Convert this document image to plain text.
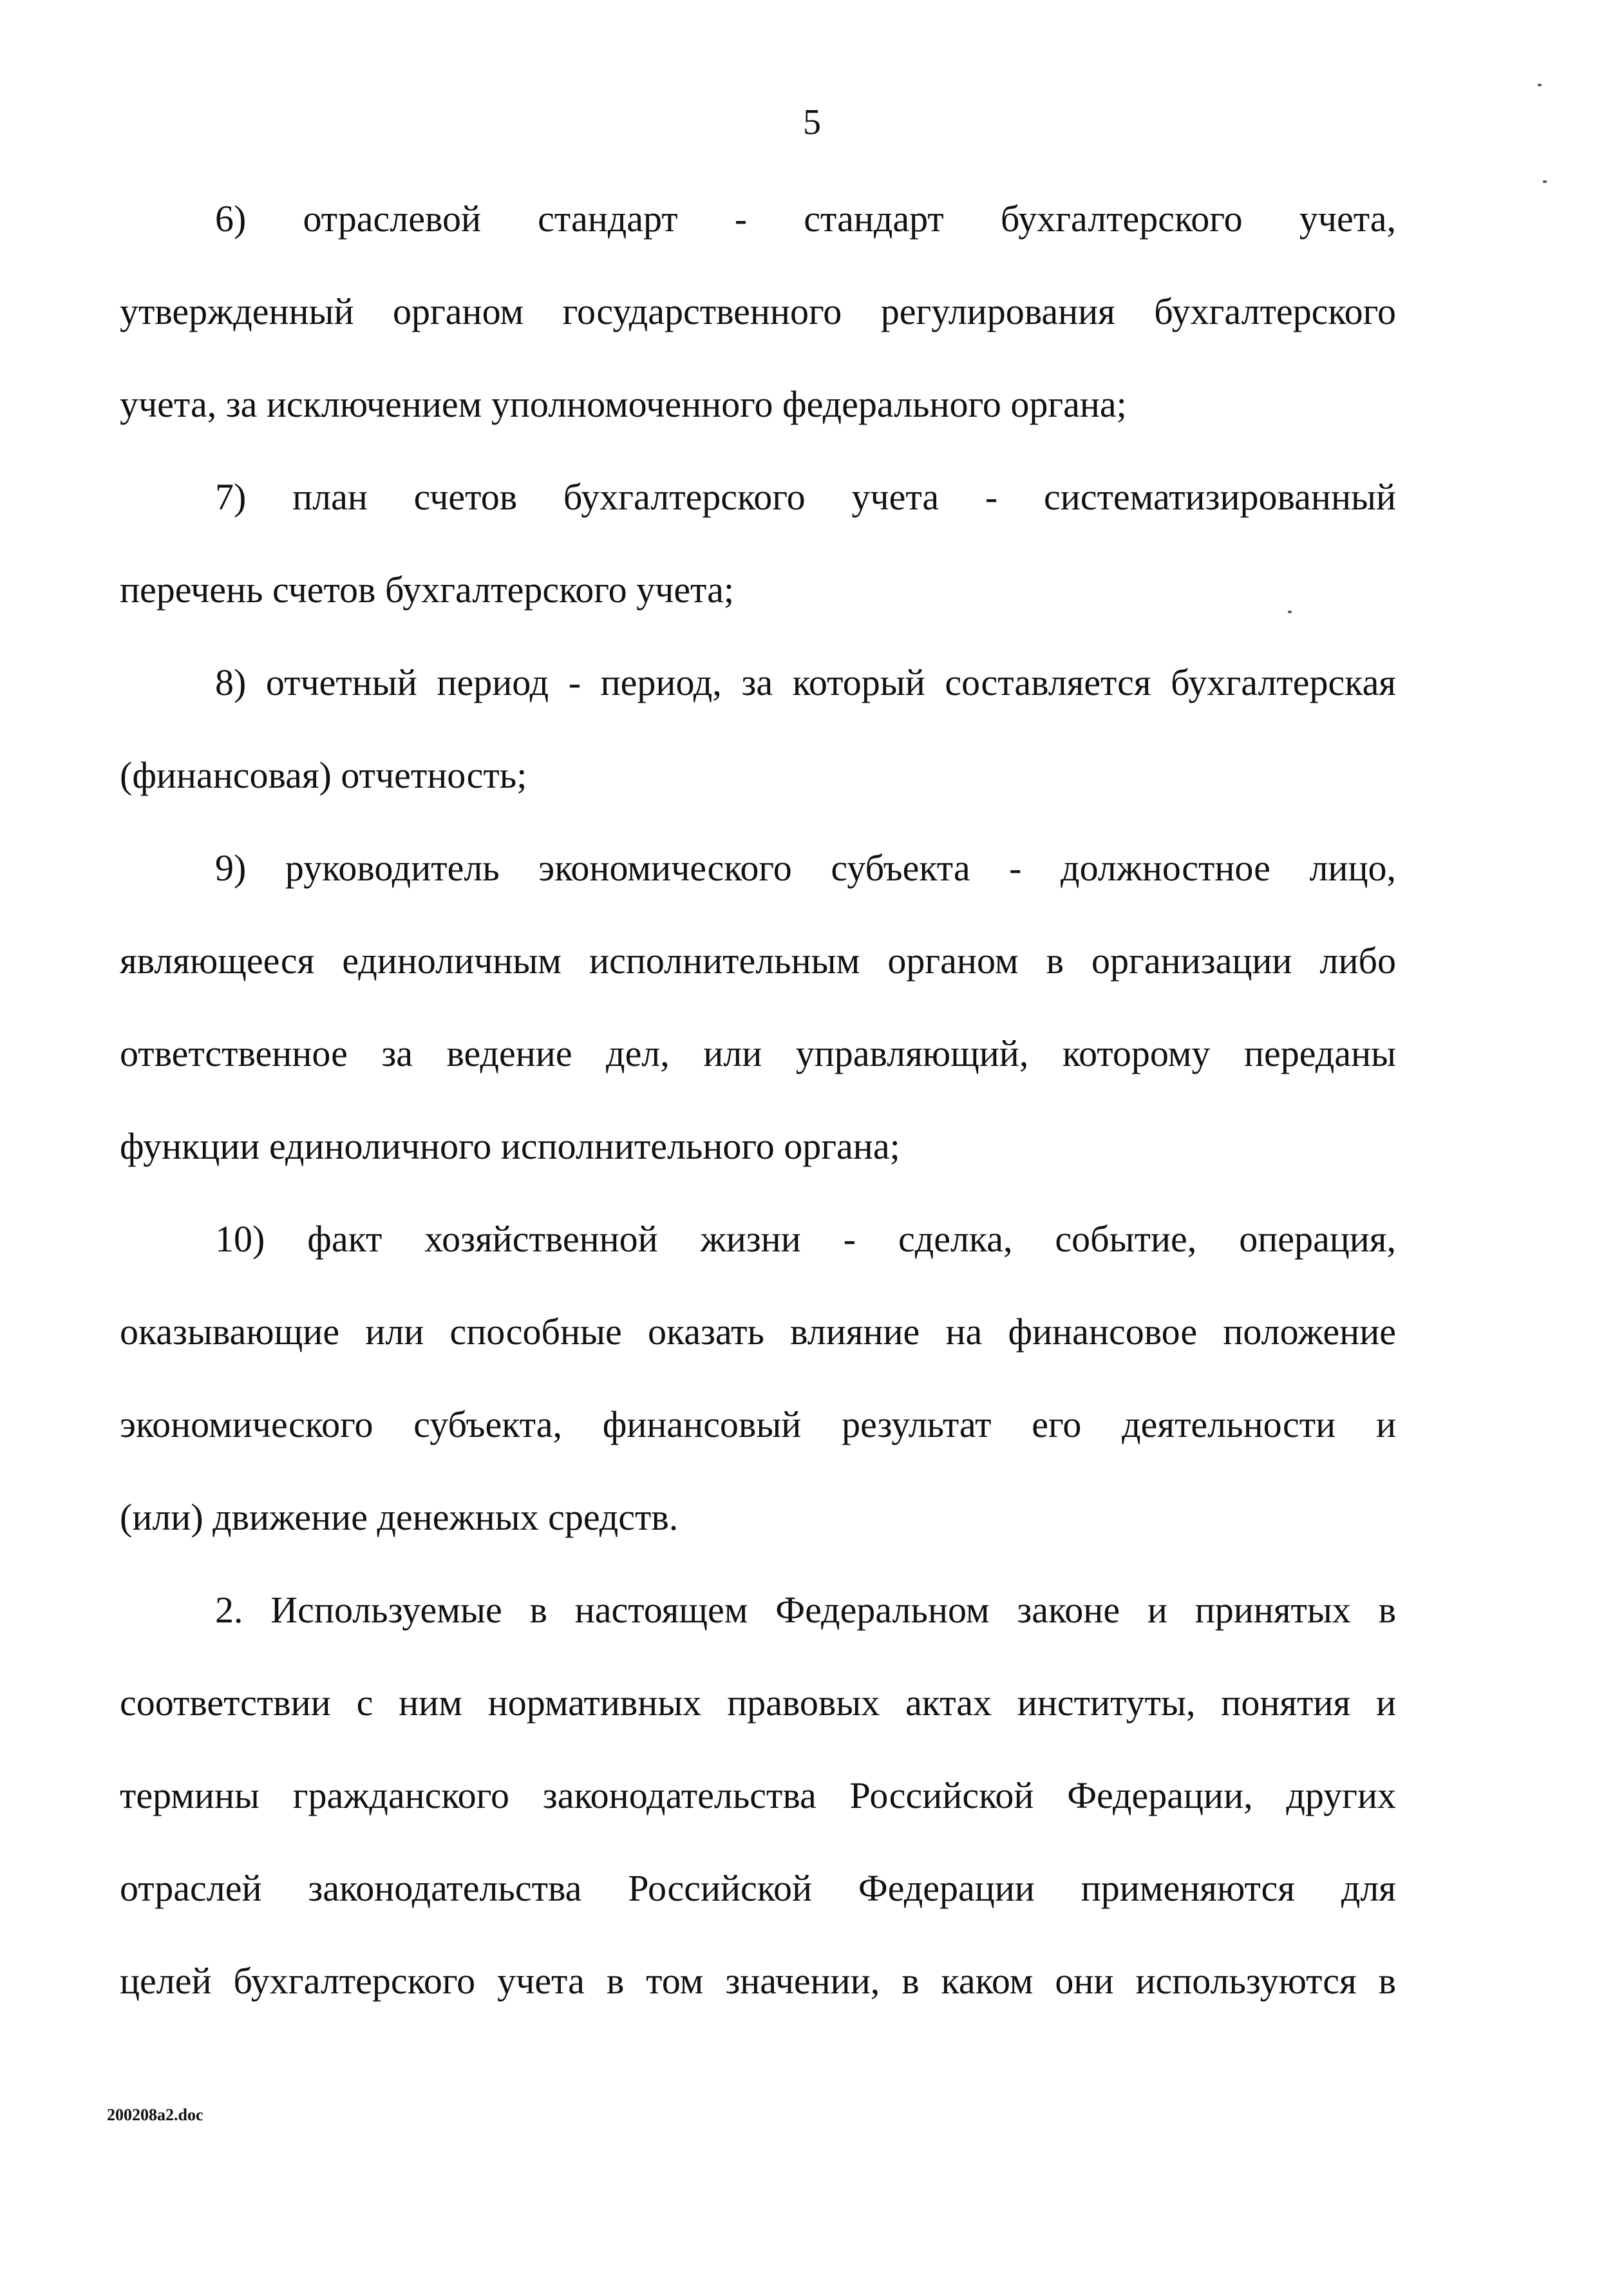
5
6) отраслевой стандарт - стандарт бухгалтерского учета,
утвержденный органом государственного регулирования бухгалтерского
учета, за исключением уполномоченного федерального органа;
7) план счетов бухгалтерского учета - систематизированный
перечень счетов бухгалтерского учета;
8) отчетный период - период, за который составляется бухгалтерская
(финансовая) отчетность;
9) руководитель экономического субъекта - должностное лицо,
являющееся единоличным исполнительным органом в организации либо
ответственное за ведение дел, или управляющий, которому переданы
функции единоличного исполнительного органа;
10) факт хозяйственной жизни - сделка, событие, операция,
оказывающие или способные оказать влияние на финансовое положение
экономического субъекта, финансовый результат его деятельности и
(или) движение денежных средств.
2. Используемые в настоящем Федеральном законе и принятых в
соответствии с ним нормативных правовых актах институты, понятия и
термины гражданского законодательства Российской Федерации, других
отраслей законодательства Российской Федерации применяются для
целей бухгалтерского учета в том значении, в каком они используются в
200208a2.doc
